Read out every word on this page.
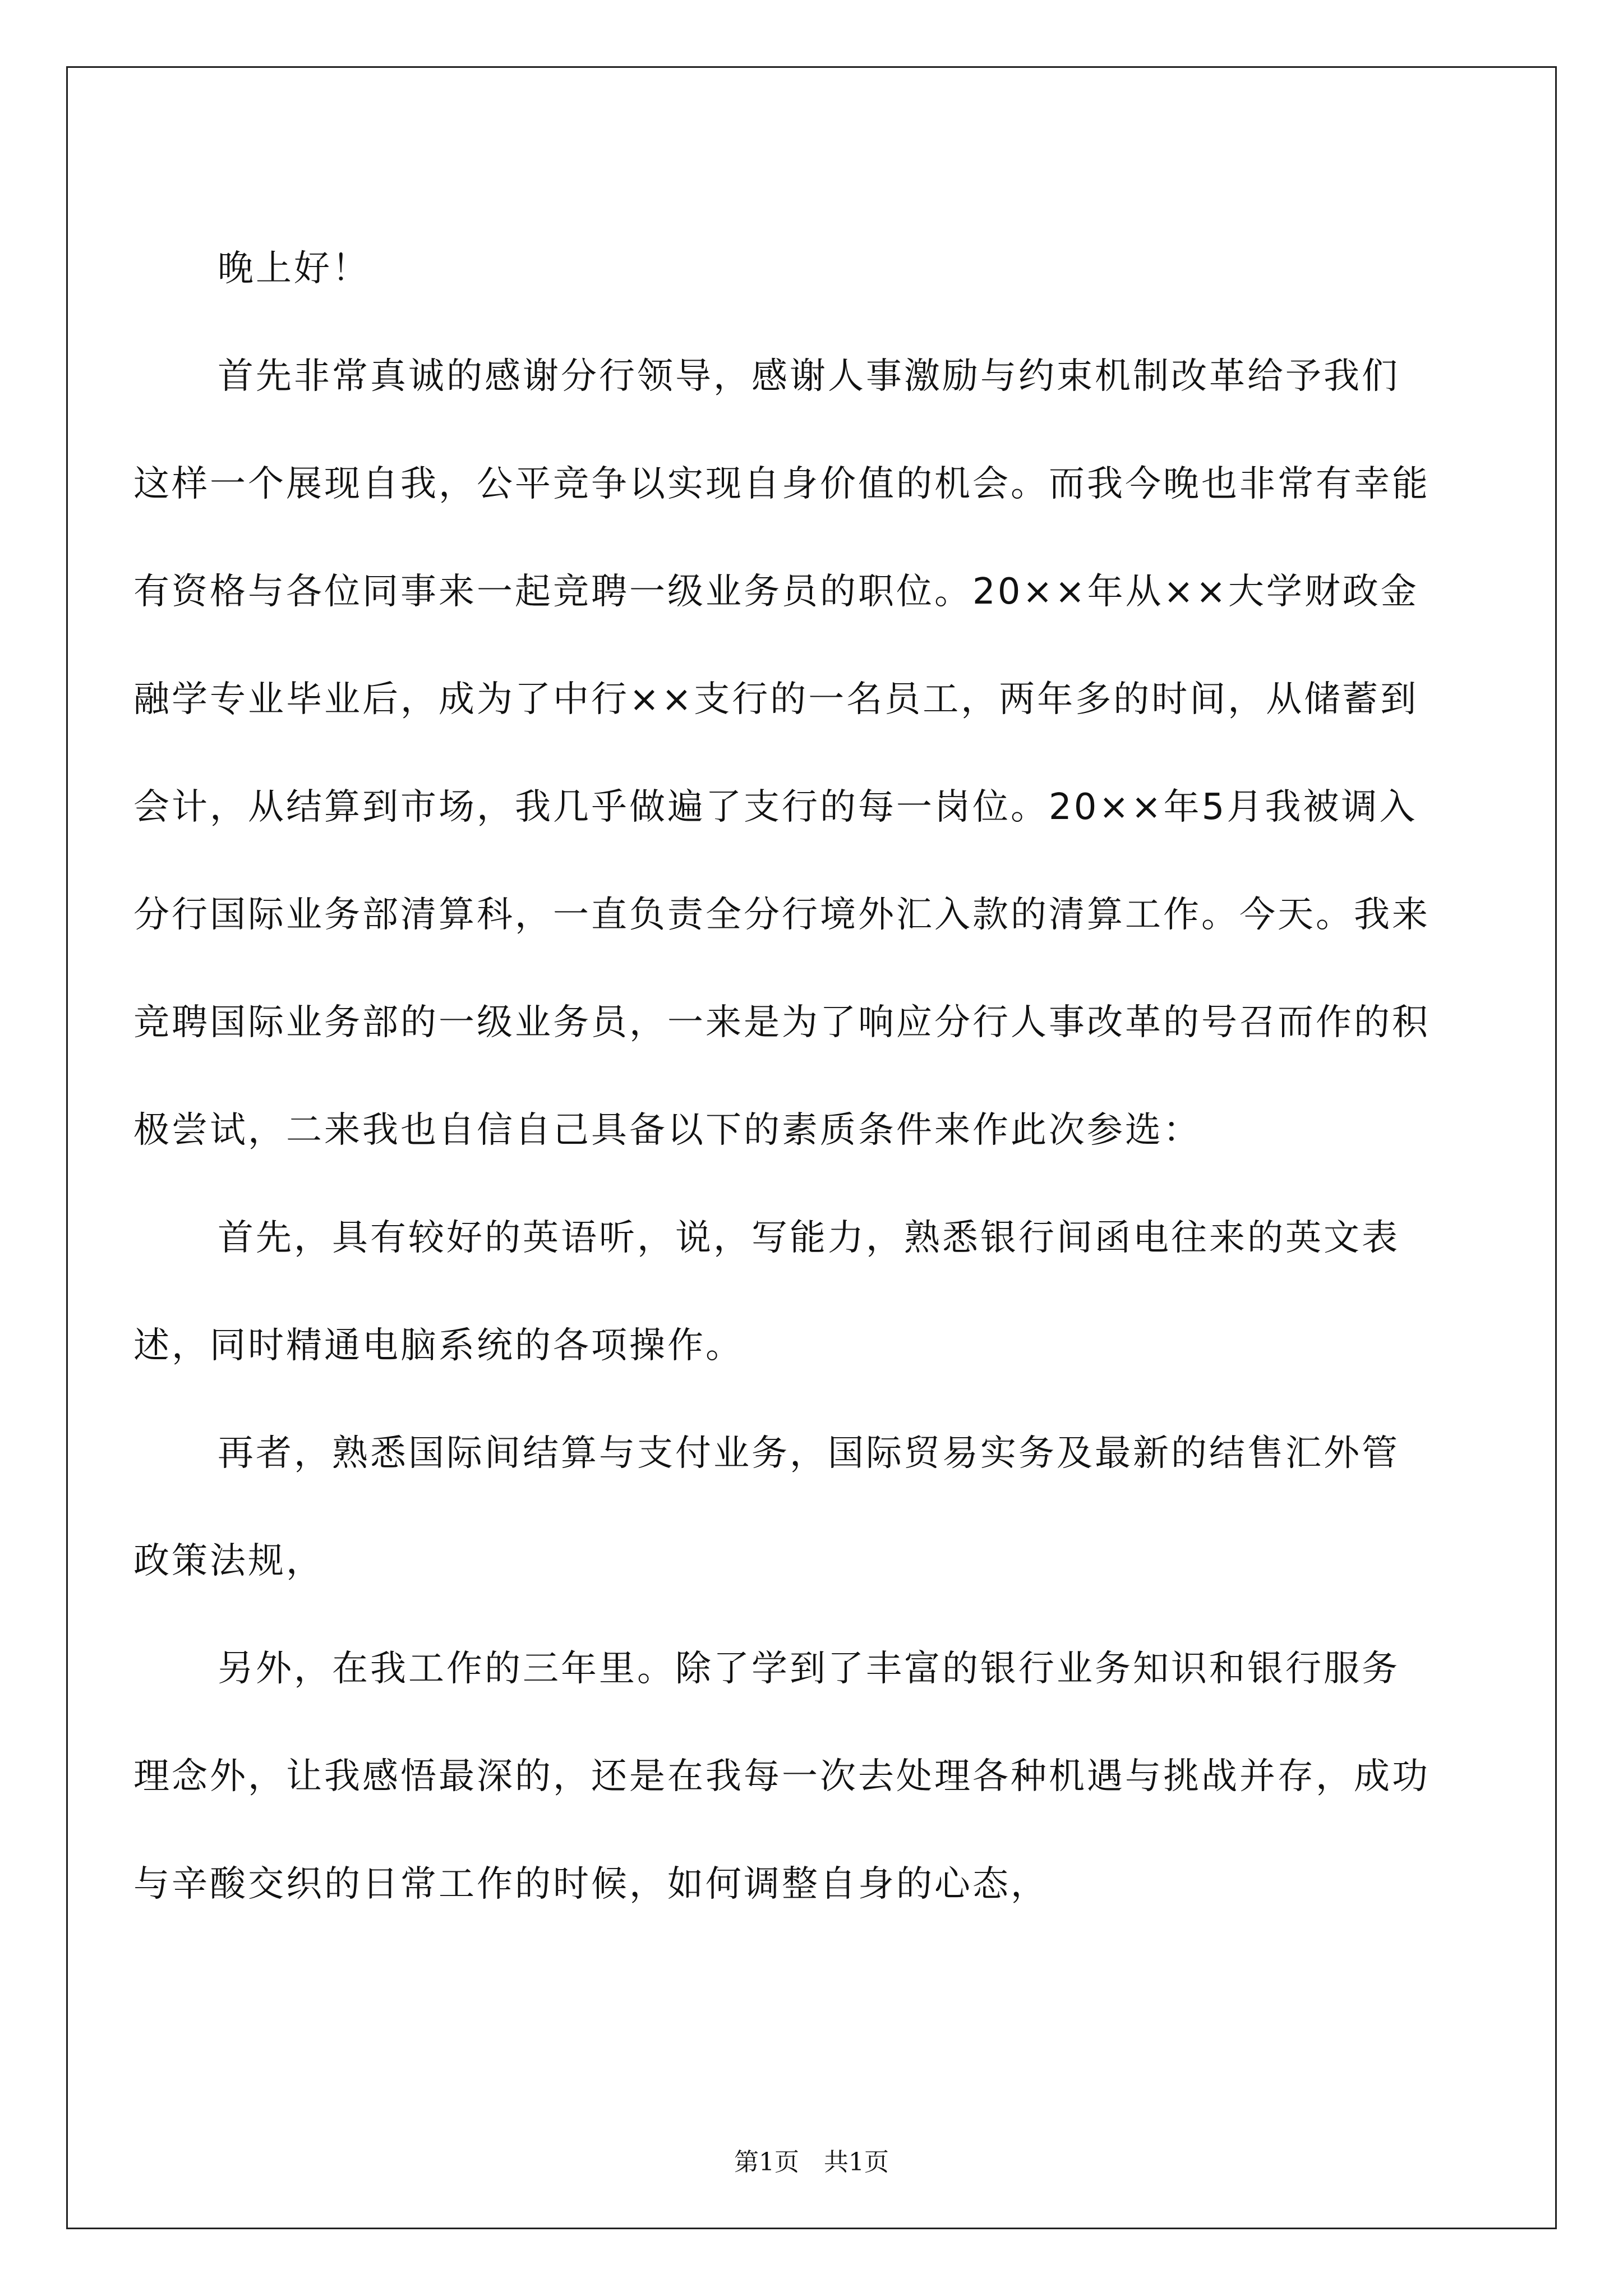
晚上好！

首先非常真诚的感谢分行领导，感谢人事激励与约束机制改革给予我们这样一个展现自我，公平竞争以实现自身价值的机会。而我今晚也非常有幸能有资格与各位同事来一起竞聘一级业务员的职位。20××年从××大学财政金融学专业毕业后，成为了中行××支行的一名员工，两年多的时间，从储蓄到会计，从结算到市场，我几乎做遍了支行的每一岗位。20××年5月我被调入分行国际业务部清算科，一直负责全分行境外汇入款的清算工作。今天。我来竞聘国际业务部的一级业务员，一来是为了响应分行人事改革的号召而作的积极尝试，二来我也自信自己具备以下的素质条件来作此次参选：

首先，具有较好的英语听，说，写能力，熟悉银行间函电往来的英文表述，同时精通电脑系统的各项操作。

再者，熟悉国际间结算与支付业务，国际贸易实务及最新的结售汇外管政策法规，

另外，在我工作的三年里。除了学到了丰富的银行业务知识和银行服务理念外，让我感悟最深的，还是在我每一次去处理各种机遇与挑战并存，成功与辛酸交织的日常工作的时候，如何调整自身的心态，

第1页 共1页
